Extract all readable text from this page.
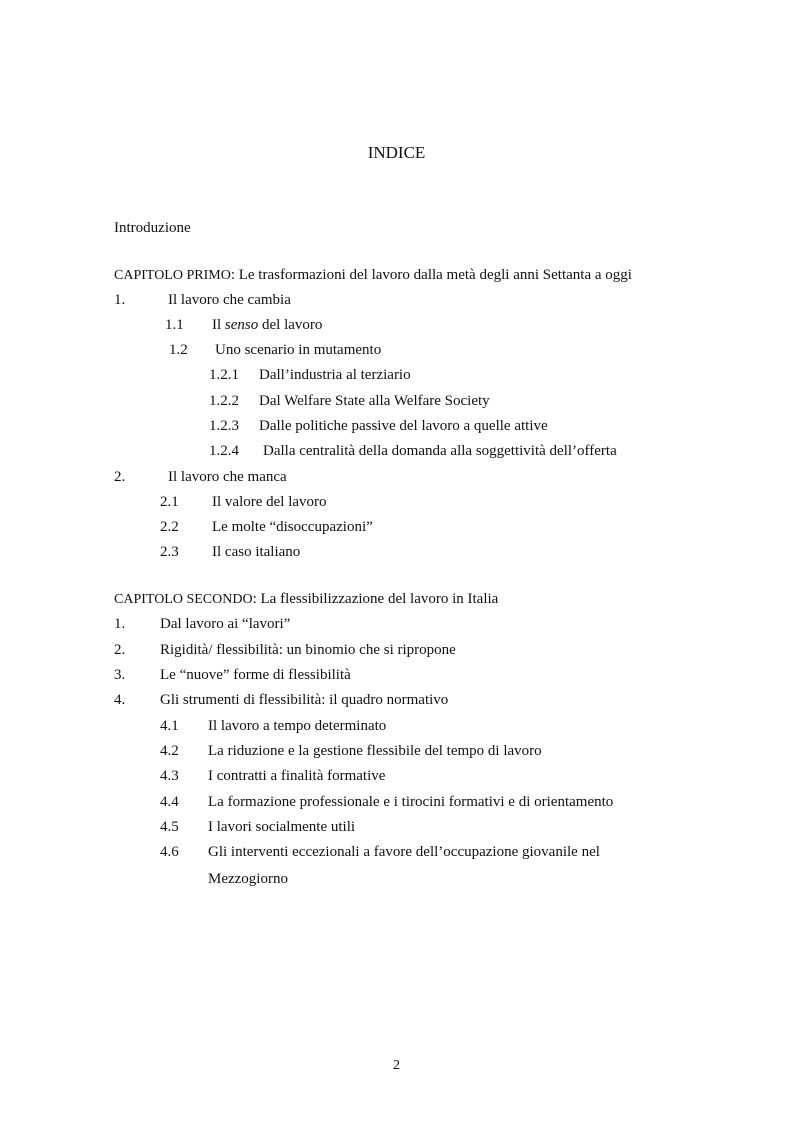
INDICE
Introduzione
CAPITOLO PRIMO: Le trasformazioni del lavoro dalla metà degli anni Settanta a oggi
1.	Il lavoro che cambia
1.1 Il senso del lavoro
1.2 Uno scenario in mutamento
1.2.1 Dall’industria al terziario
1.2.2 Dal Welfare State alla Welfare Society
1.2.3 Dalle politiche passive del lavoro a quelle attive
1.2.4 Dalla centralità della domanda alla soggettività dell’offerta
2.	Il lavoro che manca
2.1 Il valore del lavoro
2.2 Le molte “disoccupazioni”
2.3 Il caso italiano
CAPITOLO SECONDO: La flessibilizzazione del lavoro in Italia
1. Dal lavoro ai “lavori”
2. Rigidità/ flessibilità: un binomio che si ripropone
3. Le “nuove” forme di flessibilità
4. Gli strumenti di flessibilità: il quadro normativo
4.1 Il lavoro a tempo determinato
4.2 La riduzione e la gestione flessibile del tempo di lavoro
4.3 I contratti a finalità formative
4.4 La formazione professionale e i tirocini formativi e di orientamento
4.5 I lavori socialmente utili
4.6 Gli interventi eccezionali a favore dell’occupazione giovanile nel
Mezzogiorno
2
